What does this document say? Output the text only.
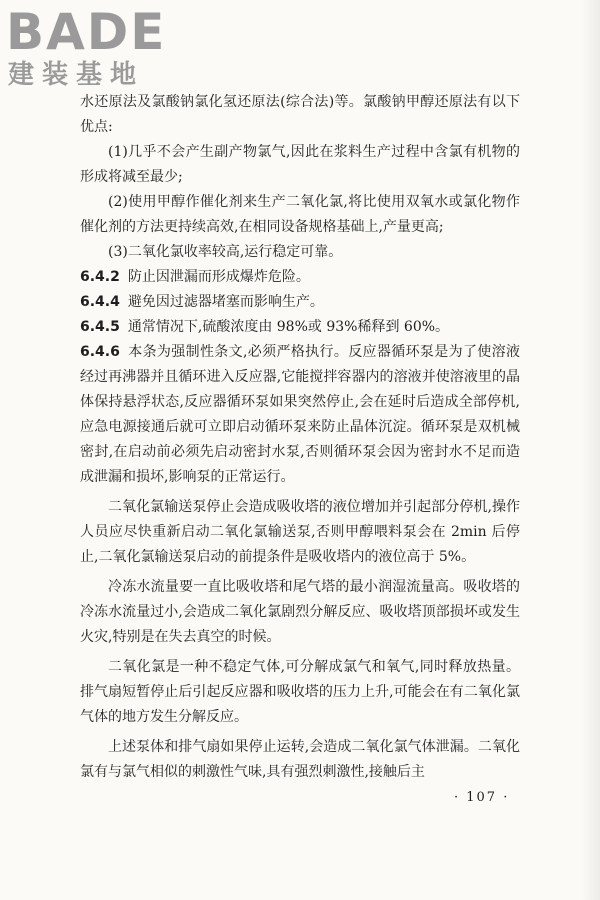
BADE
建装基地

水还原法及氯酸钠氯化氢还原法(综合法)等。氯酸钠甲醇还原法有以下优点:

(1)几乎不会产生副产物氯气,因此在浆料生产过程中含氯有机物的形成将减至最少;

(2)使用甲醇作催化剂来生产二氧化氯,将比使用双氧水或氯化物作催化剂的方法更持续高效,在相同设备规格基础上,产量更高;

(3)二氧化氯收率较高,运行稳定可靠。

6.4.2 防止因泄漏而形成爆炸危险。

6.4.4 避免因过滤器堵塞而影响生产。

6.4.5 通常情况下,硫酸浓度由 98%或 93%稀释到 60%。

6.4.6 本条为强制性条文,必须严格执行。反应器循环泵是为了使溶液经过再沸器并且循环进入反应器,它能搅拌容器内的溶液并使溶液里的晶体保持悬浮状态,反应器循环泵如果突然停止,会在延时后造成全部停机,应急电源接通后就可立即启动循环泵来防止晶体沉淀。循环泵是双机械密封,在启动前必须先启动密封水泵,否则循环泵会因为密封水不足而造成泄漏和损坏,影响泵的正常运行。

二氧化氯输送泵停止会造成吸收塔的液位增加并引起部分停机,操作人员应尽快重新启动二氧化氯输送泵,否则甲醇喂料泵会在 2min 后停止,二氧化氯输送泵启动的前提条件是吸收塔内的液位高于 5%。

冷冻水流量要一直比吸收塔和尾气塔的最小润湿流量高。吸收塔的冷冻水流量过小,会造成二氧化氯剧烈分解反应、吸收塔顶部损坏或发生火灾,特别是在失去真空的时候。

二氧化氯是一种不稳定气体,可分解成氯气和氧气,同时释放热量。排气扇短暂停止后引起反应器和吸收塔的压力上升,可能会在有二氧化氯气体的地方发生分解反应。

上述泵体和排气扇如果停止运转,会造成二氧化氯气体泄漏。二氧化氯有与氯气相似的刺激性气味,具有强烈刺激性,接触后主

· 107 ·
